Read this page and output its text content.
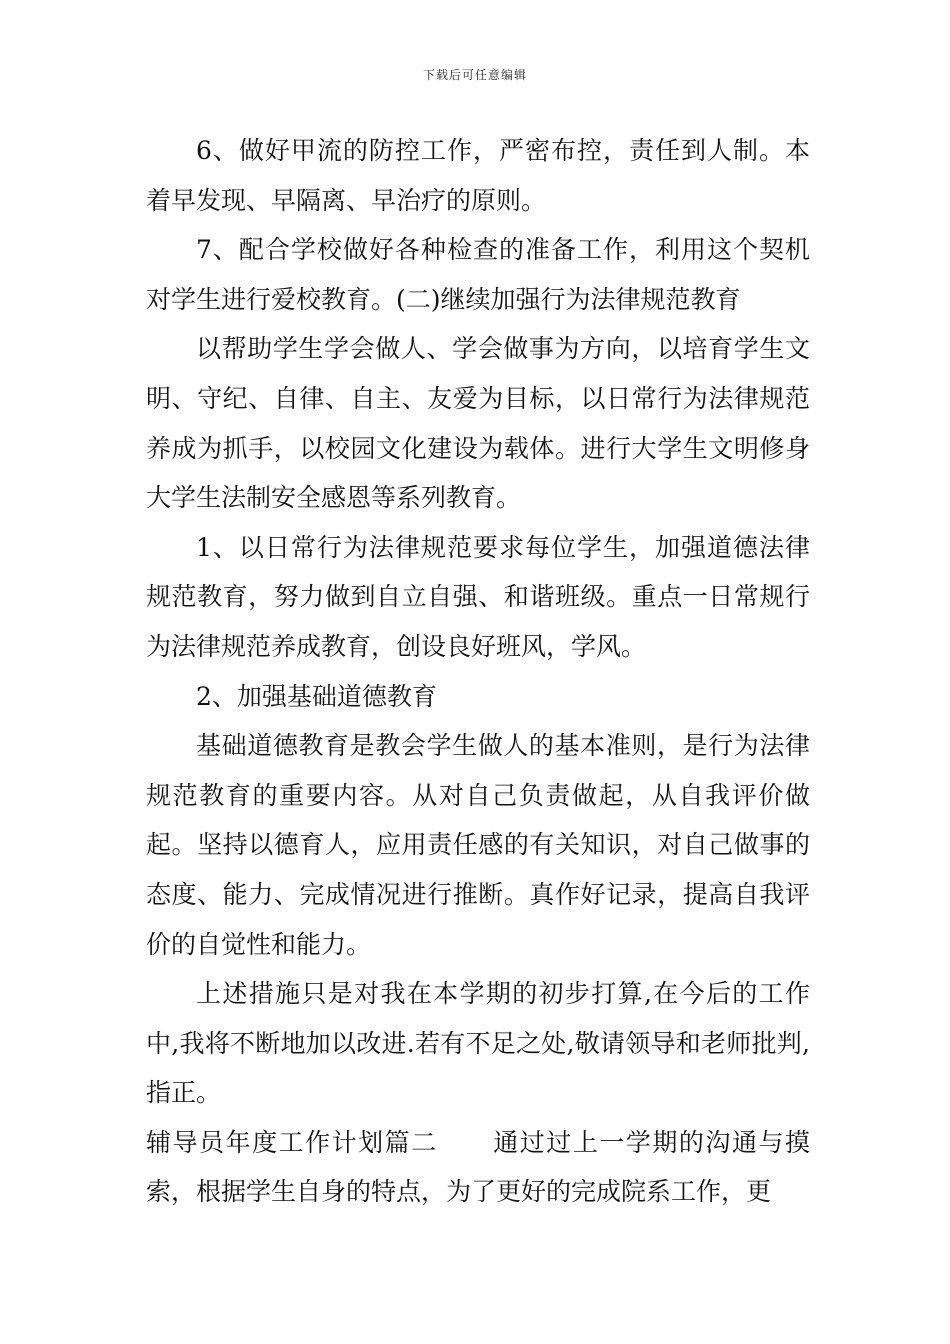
下载后可任意编辑

6、做好甲流的防控工作，严密布控，责任到人制。本着早发现、早隔离、早治疗的原则。

7、配合学校做好各种检查的准备工作，利用这个契机对学生进行爱校教育。(二)继续加强行为法律规范教育

以帮助学生学会做人、学会做事为方向，以培育学生文明、守纪、自律、自主、友爱为目标，以日常行为法律规范养成为抓手，以校园文化建设为载体。进行大学生文明修身大学生法制安全感恩等系列教育。

1、以日常行为法律规范要求每位学生，加强道德法律规范教育，努力做到自立自强、和谐班级。重点一日常规行为法律规范养成教育，创设良好班风，学风。

2、加强基础道德教育

基础道德教育是教会学生做人的基本准则，是行为法律规范教育的重要内容。从对自己负责做起，从自我评价做起。坚持以德育人，应用责任感的有关知识，对自己做事的态度、能力、完成情况进行推断。真作好记录，提高自我评价的自觉性和能力。

上述措施只是对我在本学期的初步打算,在今后的工作中,我将不断地加以改进.若有不足之处,敬请领导和老师批判,指正。

辅导员年度工作计划篇二 通过过上一学期的沟通与摸索，根据学生自身的特点，为了更好的完成院系工作，更
